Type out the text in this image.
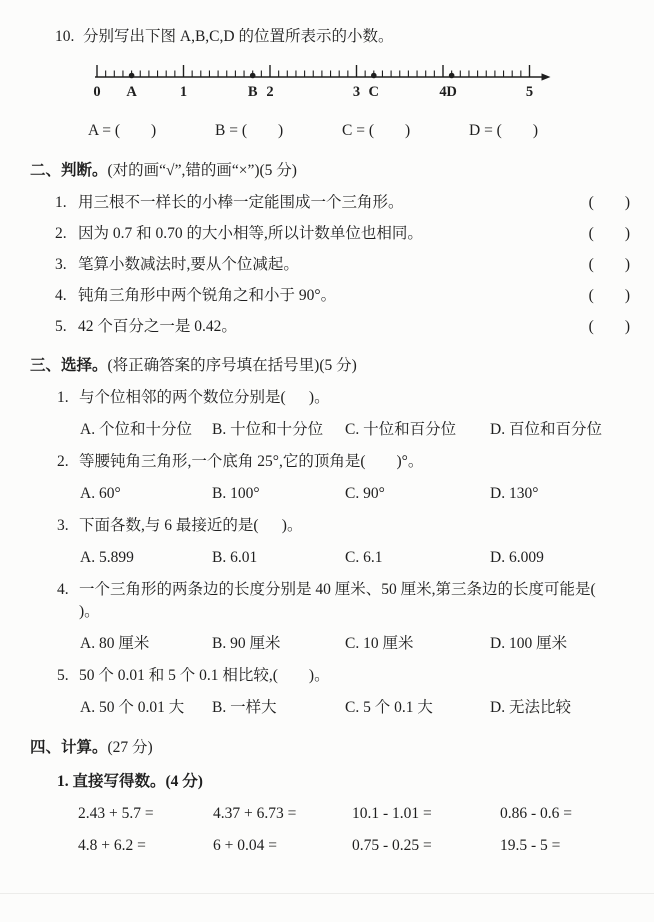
10. 分别写出下图 A,B,C,D 的位置所表示的小数。
0	1	2	3	4	5
A	B	C	D
A = (        )	B = (        )	C = (        )	D = (        )
二、判断。(对的画“√”,错的画“×”)(5 分)
1. 用三根不一样长的小棒一定能围成一个三角形。	(        )
2. 因为 0.7 和 0.70 的大小相等,所以计数单位也相同。	(        )
3. 笔算小数减法时,要从个位减起。	(        )
4. 钝角三角形中两个锐角之和小于 90°。	(        )
5. 42 个百分之一是 0.42。	(        )
三、选择。(将正确答案的序号填在括号里)(5 分)
1. 与个位相邻的两个数位分别是(      )。
A. 个位和十分位	B. 十位和十分位	C. 十位和百分位	D. 百位和百分位
2. 等腰钝角三角形,一个底角 25°,它的顶角是(        )°。
A. 60°	B. 100°	C. 90°	D. 130°
3. 下面各数,与 6 最接近的是(      )。
A. 5.899	B. 6.01	C. 6.1	D. 6.009
4. 一个三角形的两条边的长度分别是 40 厘米、50 厘米,第三条边的长度可能是(        )。
A. 80 厘米	B. 90 厘米	C. 10 厘米	D. 100 厘米
5. 50 个 0.01 和 5 个 0.1 相比较,(        )。
A. 50 个 0.01 大	B. 一样大	C. 5 个 0.1 大	D. 无法比较
四、计算。(27 分)
1. 直接写得数。(4 分)
2.43 + 5.7 =	4.37 + 6.73 =	10.1 - 1.01 =	0.86 - 0.6 =
4.8 + 6.2 =	6 + 0.04 =	0.75 - 0.25 =	19.5 - 5 =
